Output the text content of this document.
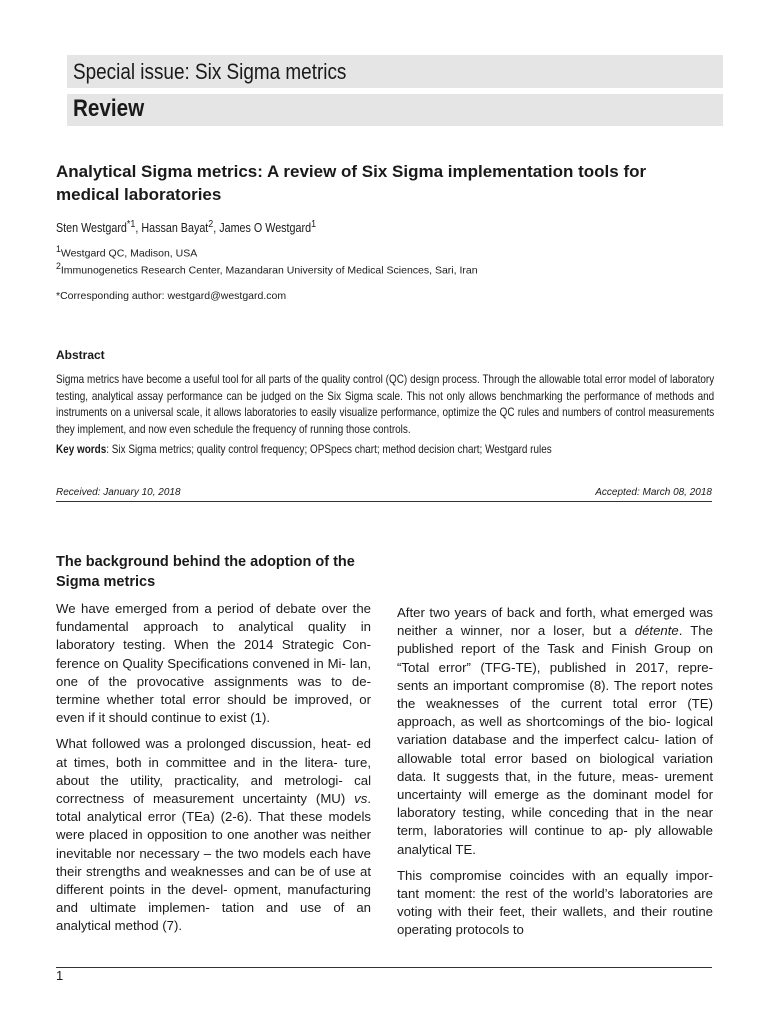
Special issue: Six Sigma metrics
Review
Analytical Sigma metrics: A review of Six Sigma implementation tools for medical laboratories
Sten Westgard$^{*1}$, Hassan Bayat$^2$, James O Westgard$^1$
$^1$Westgard QC, Madison, USA
$^2$Immunogenetics Research Center, Mazandaran University of Medical Sciences, Sari, Iran
*Corresponding author: westgard@westgard.com
Abstract

Sigma metrics have become a useful tool for all parts of the quality control (QC) design process. Through the allowable total error model of laboratory testing, analytical assay performance can be judged on the Six Sigma scale. This not only allows benchmarking the performance of methods and instruments on a universal scale, it allows laboratories to easily visualize performance, optimize the QC rules and numbers of control measurements they implement, and now even schedule the frequency of running those controls.

Key words: Six Sigma metrics; quality control frequency; OPSpecs chart; method decision chart; Westgard rules
Received: January 10, 2018	Accepted: March 08, 2018
The background behind the adoption of the Sigma metrics

We have emerged from a period of debate over the fundamental approach to analytical quality in laboratory testing. When the 2014 Strategic Con- ference on Quality Specifications convened in Mi- lan, one of the provocative assignments was to de- termine whether total error should be improved, or even if it should continue to exist (1).

What followed was a prolonged discussion, heat- ed at times, both in committee and in the litera- ture, about the utility, practicality, and metrologi- cal correctness of measurement uncertainty (MU) vs. total analytical error (TEa) (2-6). That these models were placed in opposition to one another was neither inevitable nor necessary – the two models each have their strengths and weaknesses and can be of use at different points in the devel- opment, manufacturing and ultimate implemen- tation and use of an analytical method (7).

After two years of back and forth, what emerged was neither a winner, nor a loser, but a détente. The published report of the Task and Finish Group on “Total error” (TFG-TE), published in 2017, repre- sents an important compromise (8). The report notes the weaknesses of the current total error (TE) approach, as well as shortcomings of the bio- logical variation database and the imperfect calcu- lation of allowable total error based on biological variation data. It suggests that, in the future, meas- urement uncertainty will emerge as the dominant model for laboratory testing, while conceding that in the near term, laboratories will continue to ap- ply allowable analytical TE.

This compromise coincides with an equally impor- tant moment: the rest of the world’s laboratories are voting with their feet, their wallets, and their routine operating protocols to

1
